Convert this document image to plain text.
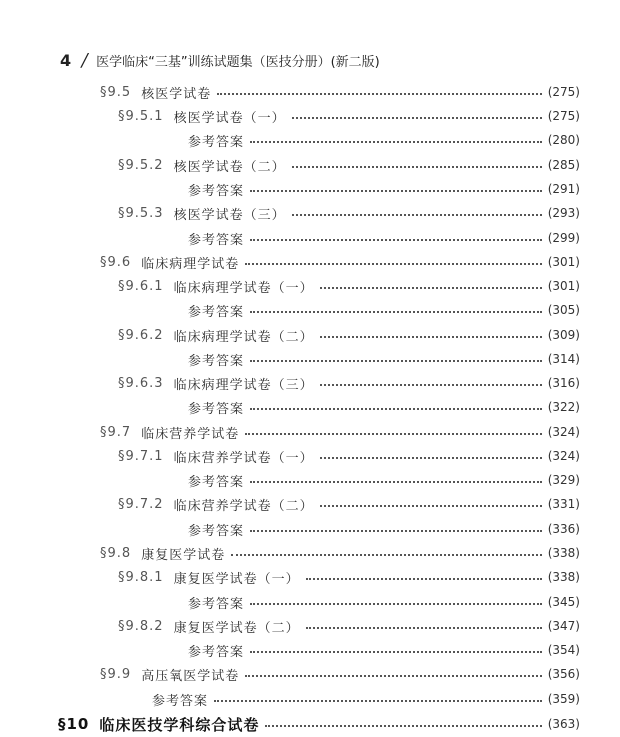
4 / 医学临床“三基”训练试题集（医技分册）(新二版)
§9.5 核医学试卷	(275)
§9.5.1 核医学试卷（一）	(275)
参考答案	(280)
§9.5.2 核医学试卷（二）	(285)
参考答案	(291)
§9.5.3 核医学试卷（三）	(293)
参考答案	(299)
§9.6 临床病理学试卷	(301)
§9.6.1 临床病理学试卷（一）	(301)
参考答案	(305)
§9.6.2 临床病理学试卷（二）	(309)
参考答案	(314)
§9.6.3 临床病理学试卷（三）	(316)
参考答案	(322)
§9.7 临床营养学试卷	(324)
§9.7.1 临床营养学试卷（一）	(324)
参考答案	(329)
§9.7.2 临床营养学试卷（二）	(331)
参考答案	(336)
§9.8 康复医学试卷	(338)
§9.8.1 康复医学试卷（一）	(338)
参考答案	(345)
§9.8.2 康复医学试卷（二）	(347)
参考答案	(354)
§9.9 高压氧医学试卷	(356)
参考答案	(359)
§10 临床医技学科综合试卷	(363)
